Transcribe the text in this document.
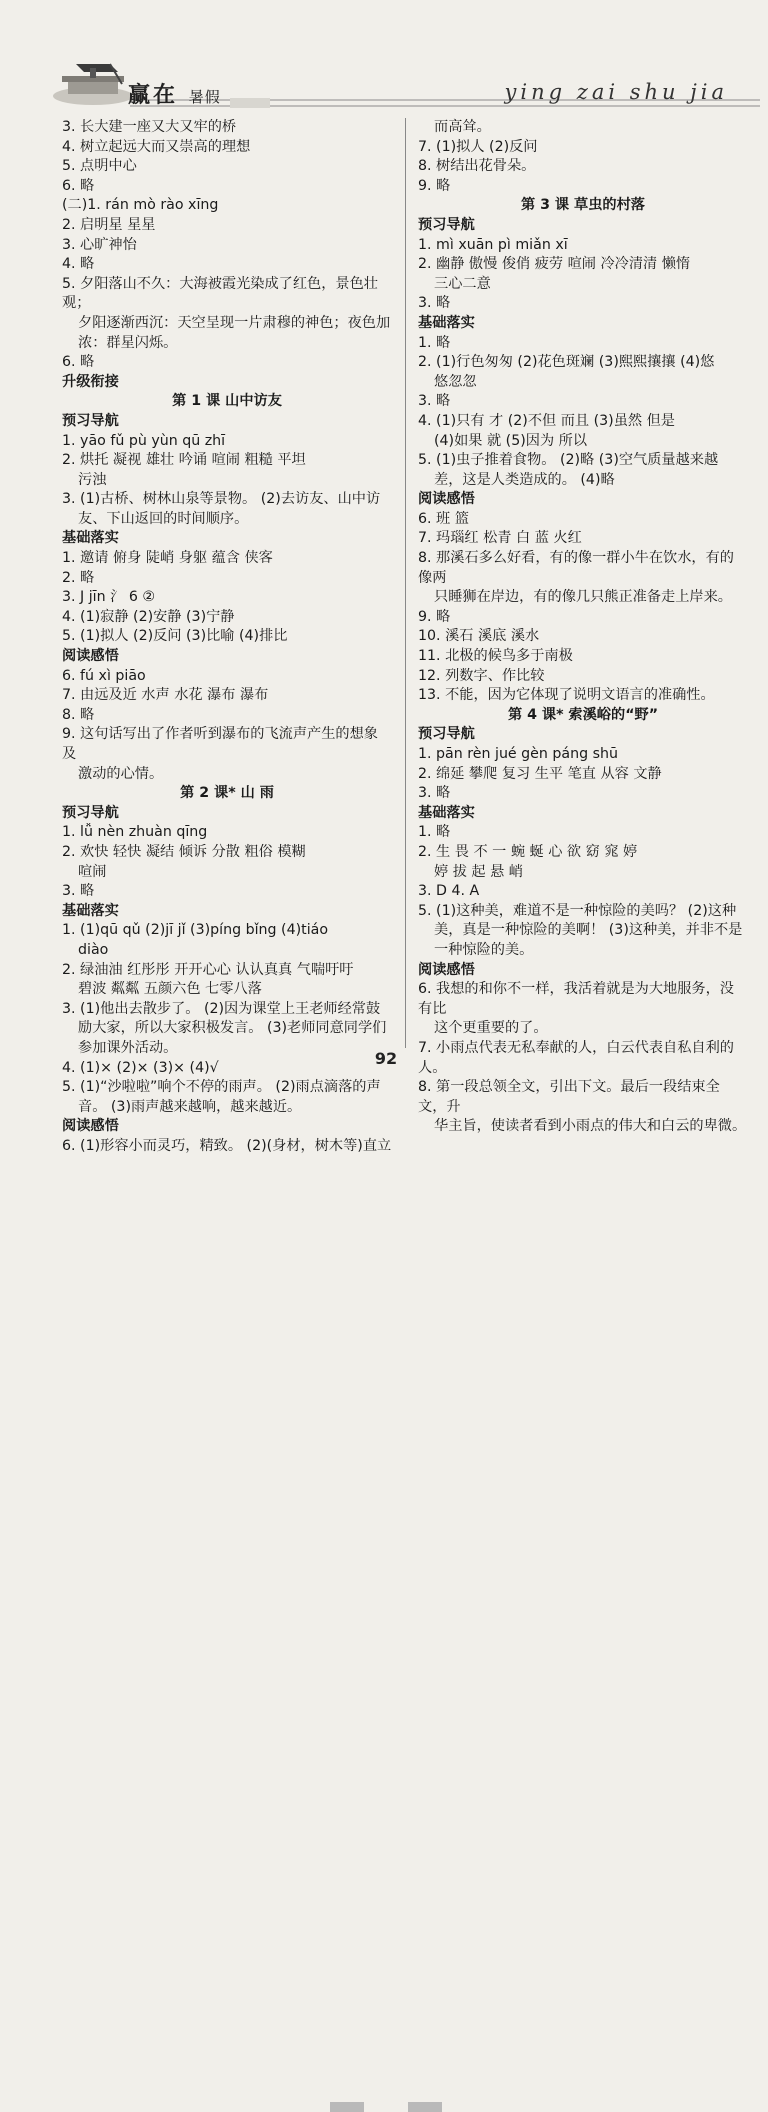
赢在 暑假	ying zai shu jia

3. 长大建一座又大又牢的桥

4. 树立起远大而又崇高的理想

5. 点明中心

6. 略

(二)1. rán mò rào xīng

2. 启明星 星星

3. 心旷神怡

4. 略

5. 夕阳落山不久：大海被霞光染成了红色，景色壮观；

夕阳逐渐西沉：天空呈现一片肃穆的神色；夜色加

浓：群星闪烁。

6. 略

升级衔接

第 1 课 山中访友

预习导航

1. yāo fǔ pù yùn qū zhī

2. 烘托 凝视 雄壮 吟诵 喧闹 粗糙 平坦

污浊

3. (1)古桥、树林山泉等景物。 (2)去访友、山中访

友、下山返回的时间顺序。

基础落实

1. 邀请 俯身 陡峭 身躯 蕴含 侠客

2. 略

3. J jīn ⺡ 6 ②

4. (1)寂静 (2)安静 (3)宁静

5. (1)拟人 (2)反问 (3)比喻 (4)排比

阅读感悟

6. fú xì piāo

7. 由远及近 水声 水花 瀑布 瀑布

8. 略

9. 这句话写出了作者听到瀑布的飞流声产生的想象及

激动的心情。

第 2 课* 山 雨

预习导航

1. lǚ nèn zhuàn qīng

2. 欢快 轻快 凝结 倾诉 分散 粗俗 模糊

喧闹

3. 略

基础落实

1. (1)qū qǔ (2)jī jǐ (3)píng bǐng (4)tiáo

diào

2. 绿油油 红彤彤 开开心心 认认真真 气喘吁吁

碧波 粼粼 五颜六色 七零八落

3. (1)他出去散步了。 (2)因为课堂上王老师经常鼓

励大家，所以大家积极发言。 (3)老师同意同学们

参加课外活动。

4. (1)× (2)× (3)× (4)√

5. (1)“沙啦啦”响个不停的雨声。 (2)雨点滴落的声

音。 (3)雨声越来越响，越来越近。

阅读感悟

6. (1)形容小而灵巧，精致。 (2)(身材，树木等)直立

而高耸。

7. (1)拟人 (2)反问

8. 树结出花骨朵。

9. 略

第 3 课 草虫的村落

预习导航

1. mì xuān pì miǎn xī

2. 幽静 傲慢 俊俏 疲劳 喧闹 冷冷清清 懒惰

三心二意

3. 略

基础落实

1. 略

2. (1)行色匆匆 (2)花色斑斓 (3)熙熙攘攘 (4)悠

悠忽忽

3. 略

4. (1)只有 才 (2)不但 而且 (3)虽然 但是

(4)如果 就 (5)因为 所以

5. (1)虫子推着食物。 (2)略 (3)空气质量越来越

差，这是人类造成的。 (4)略

阅读感悟

6. 班 篮

7. 玛瑙红 松青 白 蓝 火红

8. 那溪石多么好看，有的像一群小牛在饮水，有的像两

只睡狮在岸边，有的像几只熊正准备走上岸来。

9. 略

10. 溪石 溪底 溪水

11. 北极的候鸟多于南极

12. 列数字、作比较

13. 不能，因为它体现了说明文语言的准确性。

第 4 课* 索溪峪的“野”

预习导航

1. pān rèn jué gèn páng shū

2. 绵延 攀爬 复习 生平 笔直 从容 文静

3. 略

基础落实

1. 略

2. 生 畏 不 一 蜿 蜒 心 欲 窈 窕 婷

婷 拔 起 悬 峭

3. D 4. A

5. (1)这种美，难道不是一种惊险的美吗？ (2)这种

美，真是一种惊险的美啊！ (3)这种美，并非不是

一种惊险的美。

阅读感悟

6. 我想的和你不一样，我活着就是为大地服务，没有比

这个更重要的了。

7. 小雨点代表无私奉献的人，白云代表自私自利的人。

8. 第一段总领全文，引出下文。最后一段结束全文，升

华主旨，使读者看到小雨点的伟大和白云的卑微。

92
